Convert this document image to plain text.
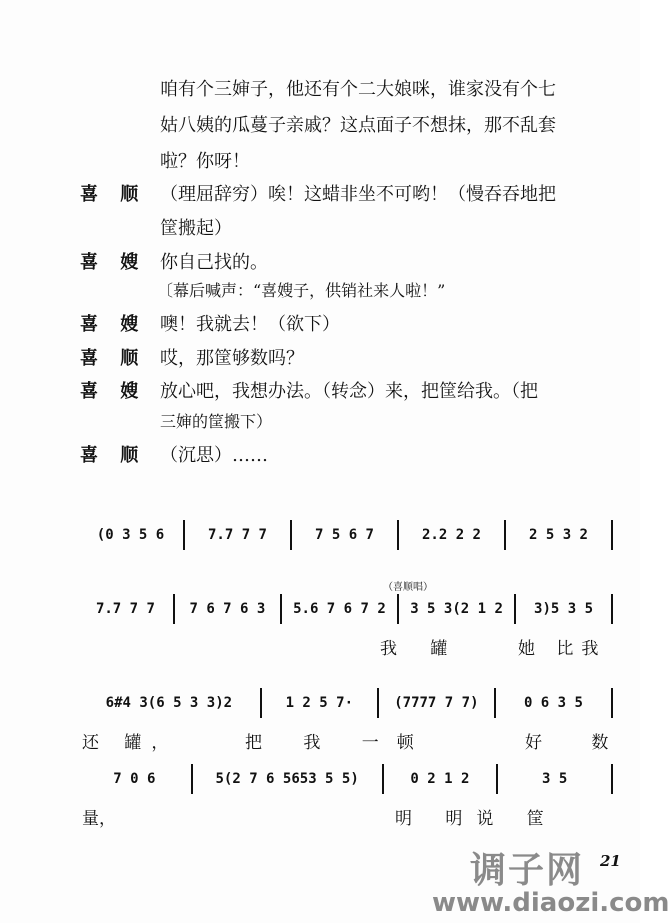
咱有个三婶子，他还有个二大娘咪，谁家没有个七
姑八姨的瓜蔓子亲戚？这点面子不想抹，那不乱套
啦？你呀！
喜 顺	（理屈辞穷）唉！这蜡非坐不可哟！（慢吞吞地把
筐搬起）
喜 嫂	你自己找的。
〔幕后喊声：“喜嫂子，供销社来人啦！”
喜 嫂	噢！我就去！（欲下）
喜 顺	哎，那筐够数吗？
喜 嫂	放心吧，我想办法。（转念）来，把筐给我。（把
三婶的筐搬下）
喜 顺	（沉思）……
(0 3 5 6	7.7 7 7	7 5 6 7	2.2 2 2	2 5 3 2
（喜顺唱）
7.7 7 7	7 6 7 6 3	5.6 7 6 7 2	3 5 3(2 1 2	3)5 3 5
我 罐	她 比我
6#4 3(6 5 3 3)2	1 2 5 7·	(7777 7 7)	0 6 3 5
还 罐，	把 我 一顿	好 数
7 0 6	5(2 7 6 5653 5 5)	0 2 1 2	3 5
量，	明 明说 筐
调子网 21
www.diaozi.com
